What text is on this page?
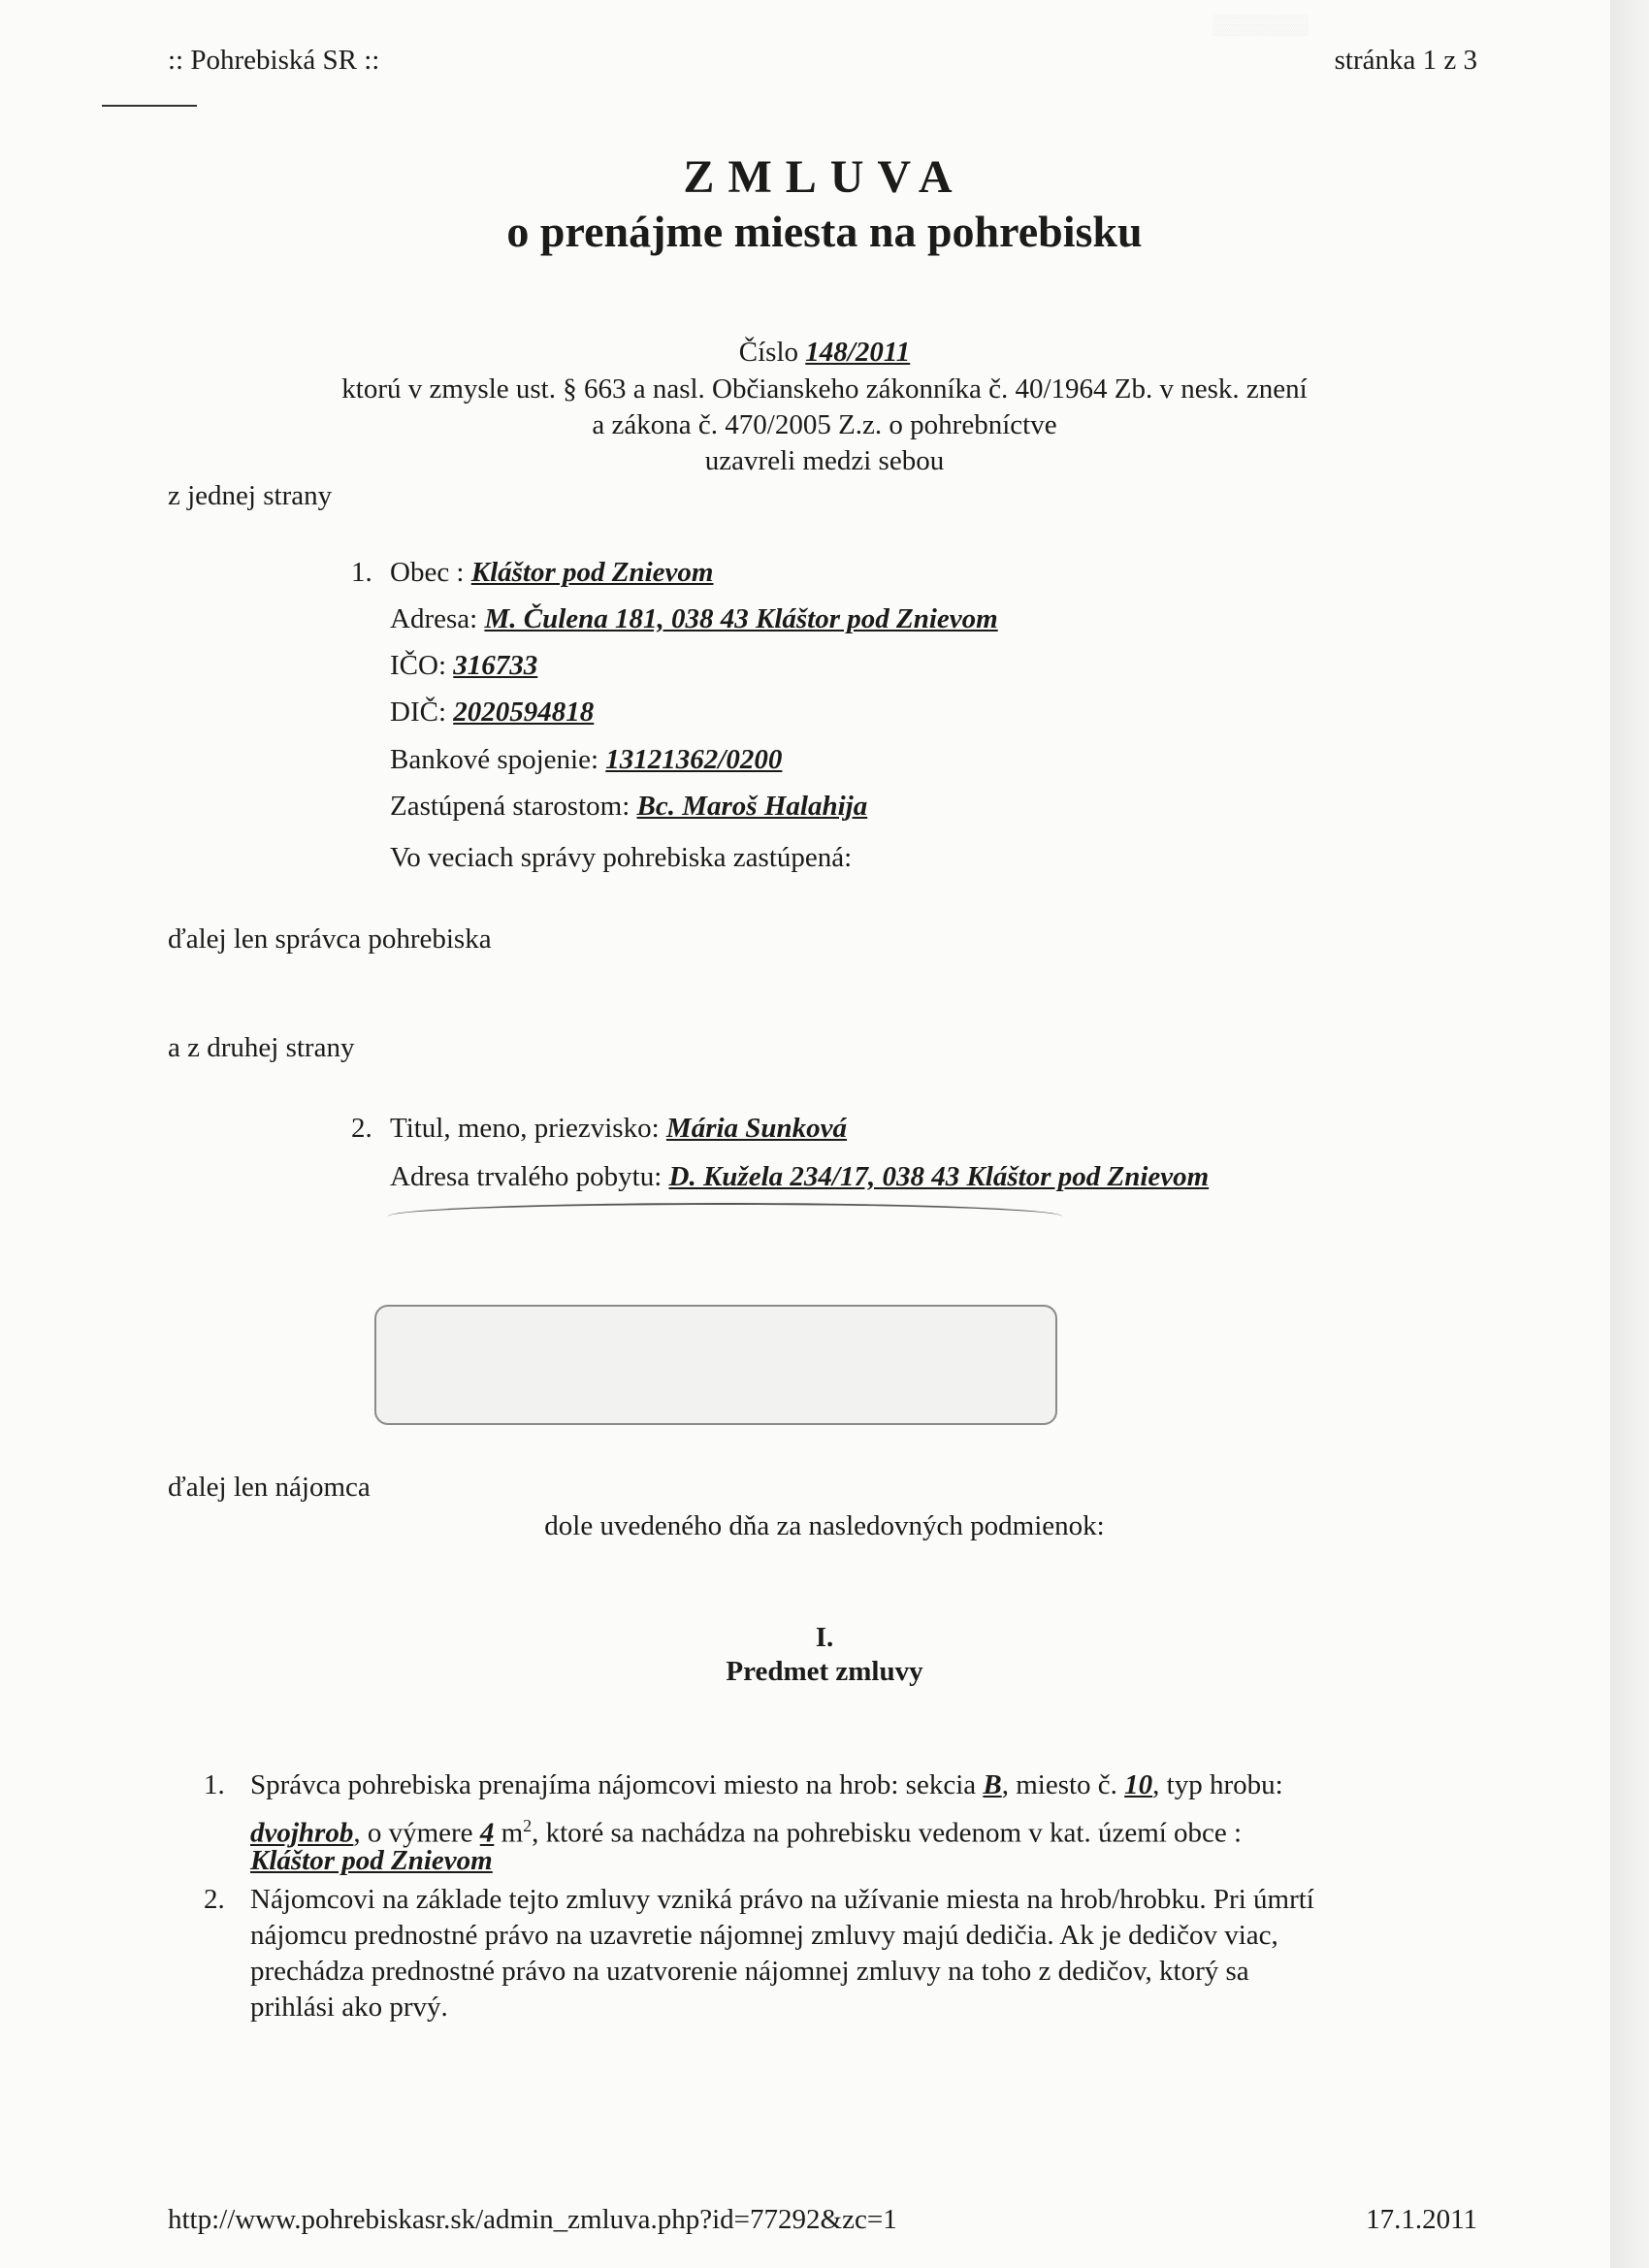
▒▒▒▒▒▒▒
:: Pohrebiská SR ::	stránka 1 z 3
ZMLUVA
o prenájme miesta na pohrebisku
Číslo 148/2011
ktorú v zmysle ust. § 663 a nasl. Občianskeho zákonníka č. 40/1964 Zb. v nesk. znení
a zákona č. 470/2005 Z.z. o pohrebníctve
uzavreli medzi sebou
z jednej strany
1. Obec : Kláštor pod Znievom
Adresa: M. Čulena 181, 038 43 Kláštor pod Znievom
IČO: 316733
DIČ: 2020594818
Bankové spojenie: 13121362/0200
Zastúpená starostom: Bc. Maroš Halahija
Vo veciach správy pohrebiska zastúpená:
ďalej len správca pohrebiska
a z druhej strany
2. Titul, meno, priezvisko: Mária Sunková
Adresa trvalého pobytu: D. Kužela 234/17, 038 43 Kláštor pod Znievom
ďalej len nájomca
dole uvedeného dňa za nasledovných podmienok:
I.
Predmet zmluvy
1. Správca pohrebiska prenajíma nájomcovi miesto na hrob: sekcia B, miesto č. 10, typ hrobu:
dvojhrob, o výmere 4 $m^2$, ktoré sa nachádza na pohrebisku vedenom v kat. území obce :
Kláštor pod Znievom
2. Nájomcovi na základe tejto zmluvy vzniká právo na užívanie miesta na hrob/hrobku. Pri úmrtí
nájomcu prednostné právo na uzavretie nájomnej zmluvy majú dedičia. Ak je dedičov viac,
prechádza prednostné právo na uzatvorenie nájomnej zmluvy na toho z dedičov, ktorý sa
prihlási ako prvý.
http://www.pohrebiskasr.sk/admin_zmluva.php?id=77292&zc=1	17.1.2011
